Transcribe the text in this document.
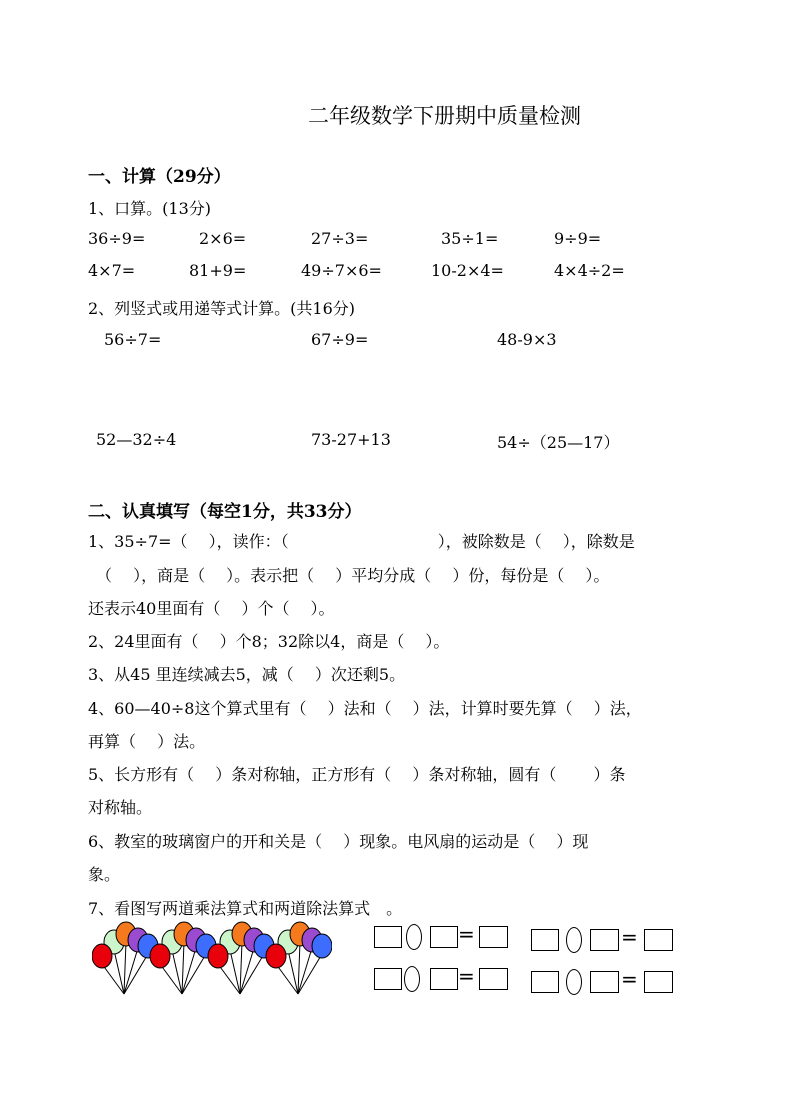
二年级数学下册期中质量检测
一、计算（29分）
1、口算。(13分)
36÷9=	2×6=	27÷3=	35÷1=	9÷9=
4×7=	81+9=	49÷7×6=	10-2×4=	4×4÷2=
2、列竖式或用递等式计算。(共16分)
56÷7=	67÷9=	48-9×3
52—32÷4	73-27+13	54÷（25—17）
二、认真填写（每空1分，共33分）
1、35÷7=（　 ），读作：（　　　　　　　　　 ），被除数是（　 ），除数是
（　 ），商是（　 ）。表示把（　 ）平均分成（　 ）份，每份是（　 ）。
还表示40里面有（　 ）个（　 ）。
2、24里面有（　 ）个8；32除以4，商是（　 ）。
3、从45 里连续减去5，减（　 ）次还剩5。
4、60—40÷8这个算式里有（　 ）法和（　 ）法，计算时要先算（　 ）法，
再算（　 ）法。
5、长方形有（　 ）条对称轴，正方形有（　 ）条对称轴，圆有（　　 ）条
对称轴。
6、教室的玻璃窗户的开和关是（　 ）现象。电风扇的运动是（　 ）现
象。
7、看图写两道乘法算式和两道除法算式　。
=	=
=	=
